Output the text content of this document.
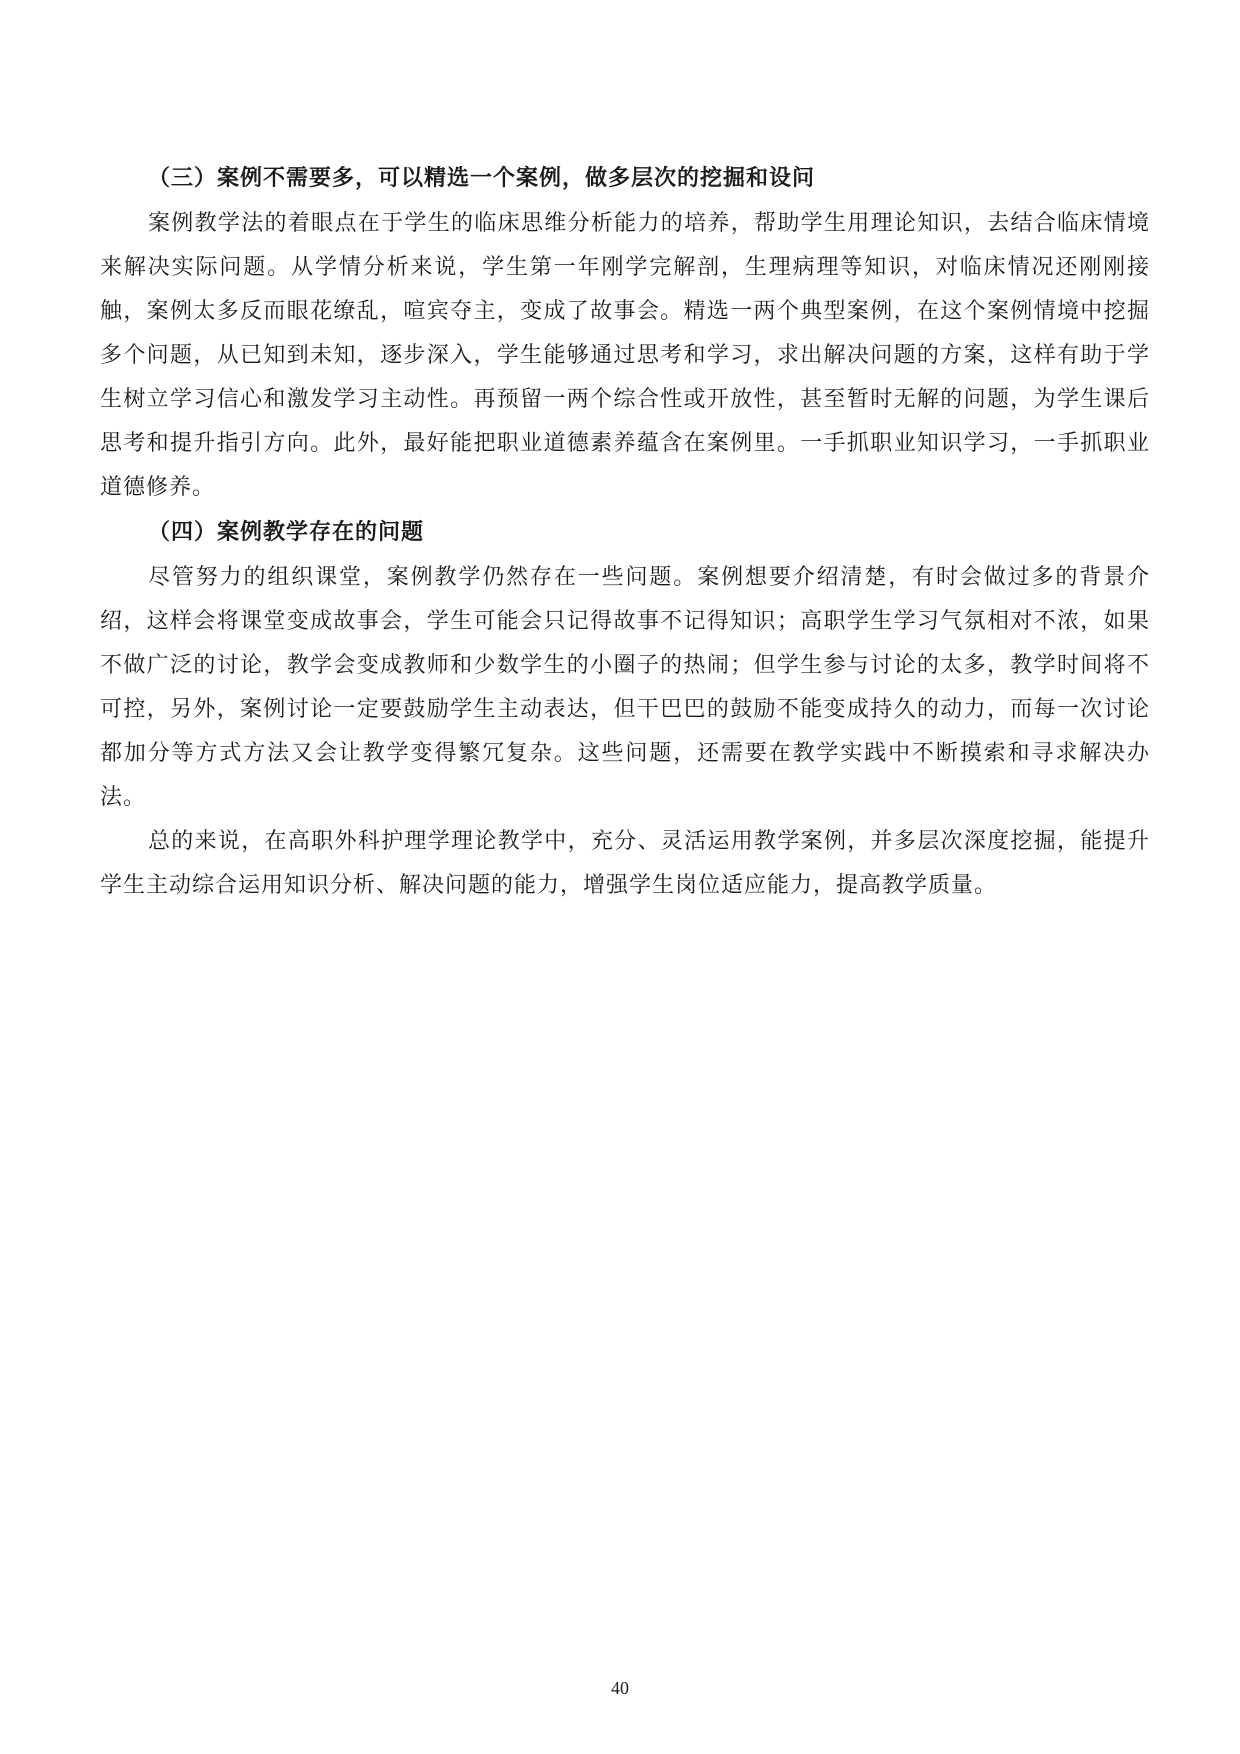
（三）案例不需要多，可以精选一个案例，做多层次的挖掘和设问

案例教学法的着眼点在于学生的临床思维分析能力的培养，帮助学生用理论知识，去结合临床情境来解决实际问题。从学情分析来说，学生第一年刚学完解剖，生理病理等知识，对临床情况还刚刚接触，案例太多反而眼花缭乱，喧宾夺主，变成了故事会。精选一两个典型案例，在这个案例情境中挖掘多个问题，从已知到未知，逐步深入，学生能够通过思考和学习，求出解决问题的方案，这样有助于学生树立学习信心和激发学习主动性。再预留一两个综合性或开放性，甚至暂时无解的问题，为学生课后思考和提升指引方向。此外，最好能把职业道德素养蕴含在案例里。一手抓职业知识学习，一手抓职业道德修养。

（四）案例教学存在的问题

尽管努力的组织课堂，案例教学仍然存在一些问题。案例想要介绍清楚，有时会做过多的背景介绍，这样会将课堂变成故事会，学生可能会只记得故事不记得知识；高职学生学习气氛相对不浓，如果不做广泛的讨论，教学会变成教师和少数学生的小圈子的热闹；但学生参与讨论的太多，教学时间将不可控，另外，案例讨论一定要鼓励学生主动表达，但干巴巴的鼓励不能变成持久的动力，而每一次讨论都加分等方式方法又会让教学变得繁冗复杂。这些问题，还需要在教学实践中不断摸索和寻求解决办法。

总的来说，在高职外科护理学理论教学中，充分、灵活运用教学案例，并多层次深度挖掘，能提升学生主动综合运用知识分析、解决问题的能力，增强学生岗位适应能力，提高教学质量。

40
